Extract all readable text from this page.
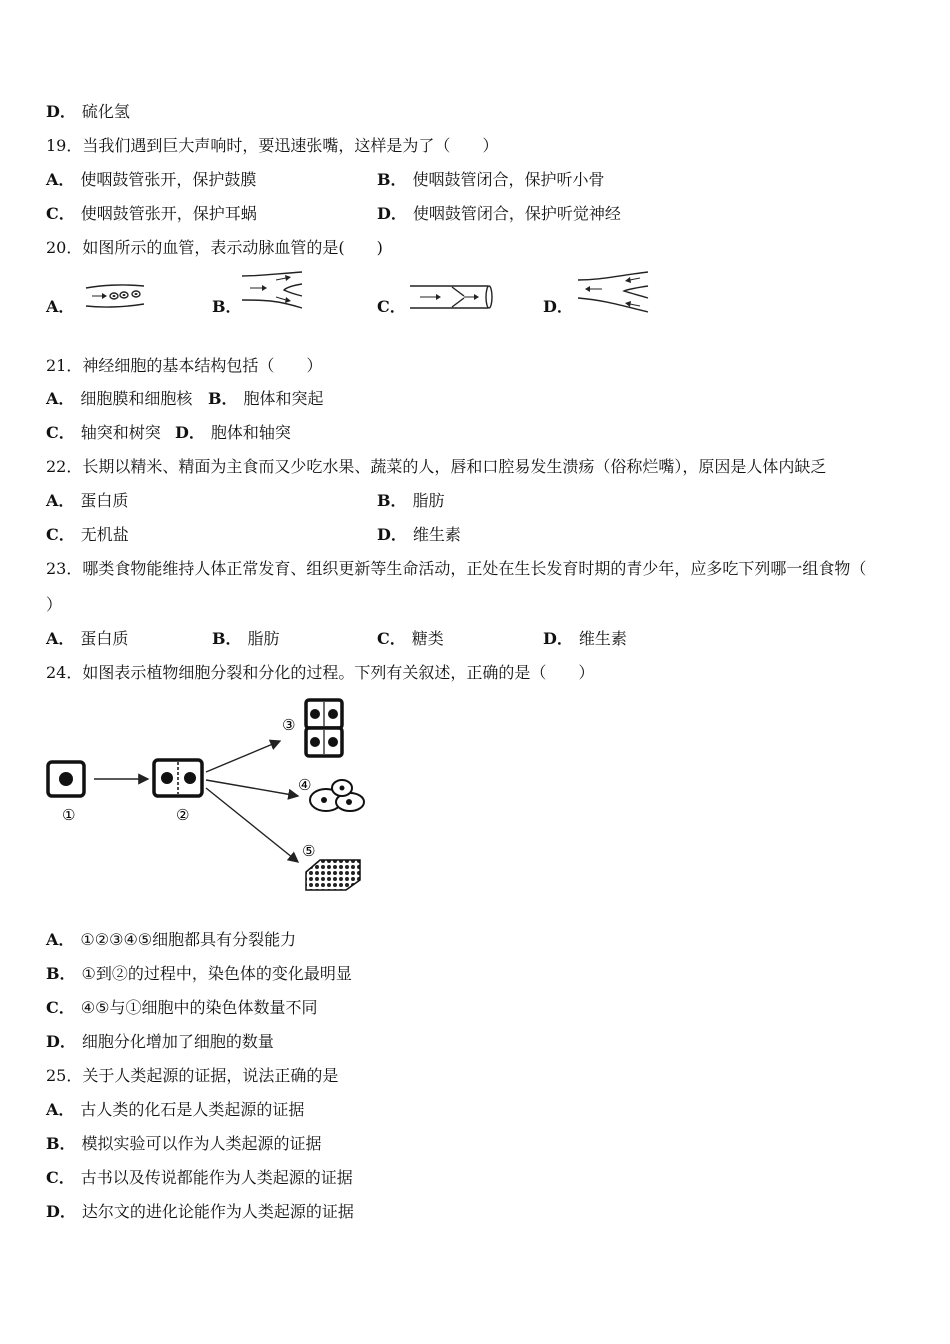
D． 硫化氢
19．当我们遇到巨大声响时，要迅速张嘴，这样是为了（　　）
A． 使咽鼓管张开，保护鼓膜	B． 使咽鼓管闭合，保护听小骨
C． 使咽鼓管张开，保护耳蜗	D． 使咽鼓管闭合，保护听觉神经
20．如图所示的血管，表示动脉血管的是(　　)
A．	B．	C．	D．
21．神经细胞的基本结构包括（　　）
A． 细胞膜和细胞核 B． 胞体和突起
C． 轴突和树突 D． 胞体和轴突
22．长期以精米、精面为主食而又少吃水果、蔬菜的人，唇和口腔易发生溃疡（俗称烂嘴），原因是人体内缺乏
A． 蛋白质	B． 脂肪
C． 无机盐	D． 维生素
23．哪类食物能维持人体正常发育、组织更新等生命活动，正处在生长发育时期的青少年，应多吃下列哪一组食物（
）
A． 蛋白质	B． 脂肪	C． 糖类	D． 维生素
24．如图表示植物细胞分裂和分化的过程。下列有关叙述，正确的是（　　）
①	②
③
④
⑤
A． ①②③④⑤细胞都具有分裂能力
B． ①到②的过程中，染色体的变化最明显
C． ④⑤与①细胞中的染色体数量不同
D． 细胞分化增加了细胞的数量
25．关于人类起源的证据，说法正确的是
A． 古人类的化石是人类起源的证据
B． 模拟实验可以作为人类起源的证据
C． 古书以及传说都能作为人类起源的证据
D． 达尔文的进化论能作为人类起源的证据
